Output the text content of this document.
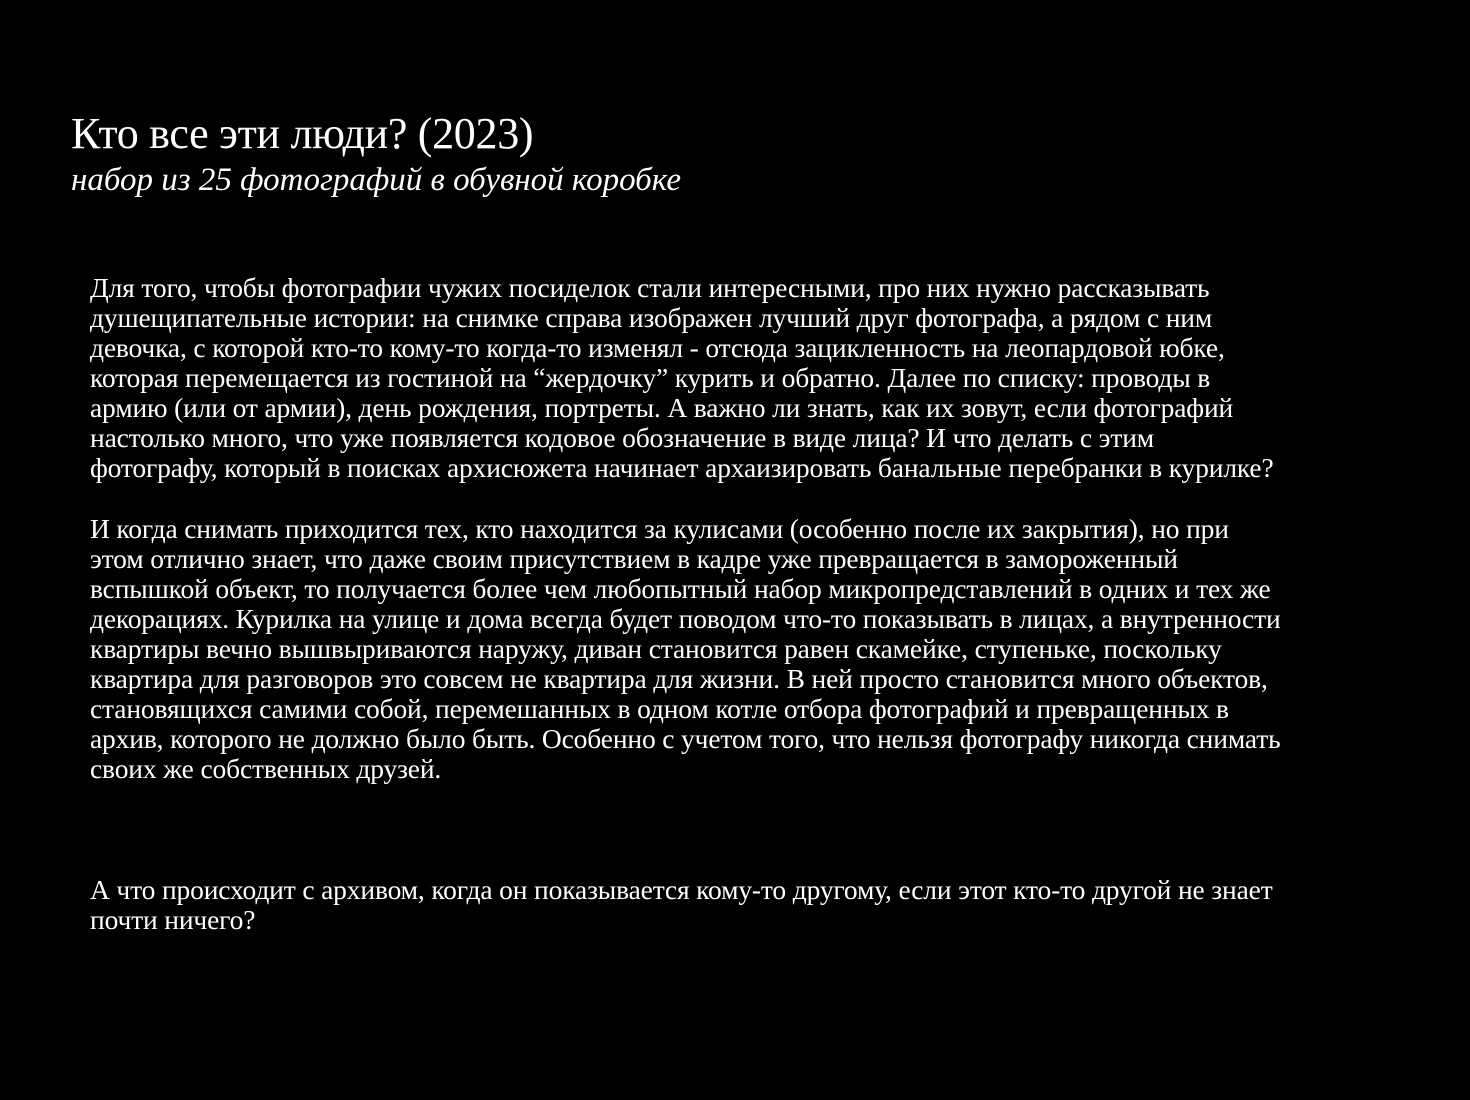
Кто все эти люди? (2023)
набор из 25 фотографий в обувной коробке

Для того, чтобы фотографии чужих посиделок стали интересными, про них нужно рассказывать
душещипательные истории: на снимке справа изображен лучший друг фотографа, а рядом с ним
девочка, с которой кто-то кому-то когда-то изменял - отсюда зацикленность на леопардовой юбке,
которая перемещается из гостиной на “жердочку” курить и обратно. Далее по списку: проводы в
армию (или от армии), день рождения, портреты. А важно ли знать, как их зовут, если фотографий
настолько много, что уже появляется кодовое обозначение в виде лица? И что делать с этим
фотографу, который в поисках архисюжета начинает архаизировать банальные перебранки в курилке?

И когда снимать приходится тех, кто находится за кулисами (особенно после их закрытия), но при
этом отлично знает, что даже своим присутствием в кадре уже превращается в замороженный
вспышкой объект, то получается более чем любопытный набор микропредставлений в одних и тех же
декорациях. Курилка на улице и дома всегда будет поводом что-то показывать в лицах, а внутренности
квартиры вечно вышвыриваются наружу, диван становится равен скамейке, ступеньке, поскольку
квартира для разговоров это совсем не квартира для жизни. В ней просто становится много объектов,
становящихся самими собой, перемешанных в одном котле отбора фотографий и превращенных в
архив, которого не должно было быть. Особенно с учетом того, что нельзя фотографу никогда снимать
своих же собственных друзей.

А что происходит с архивом, когда он показывается кому-то другому, если этот кто-то другой не знает
почти ничего?
